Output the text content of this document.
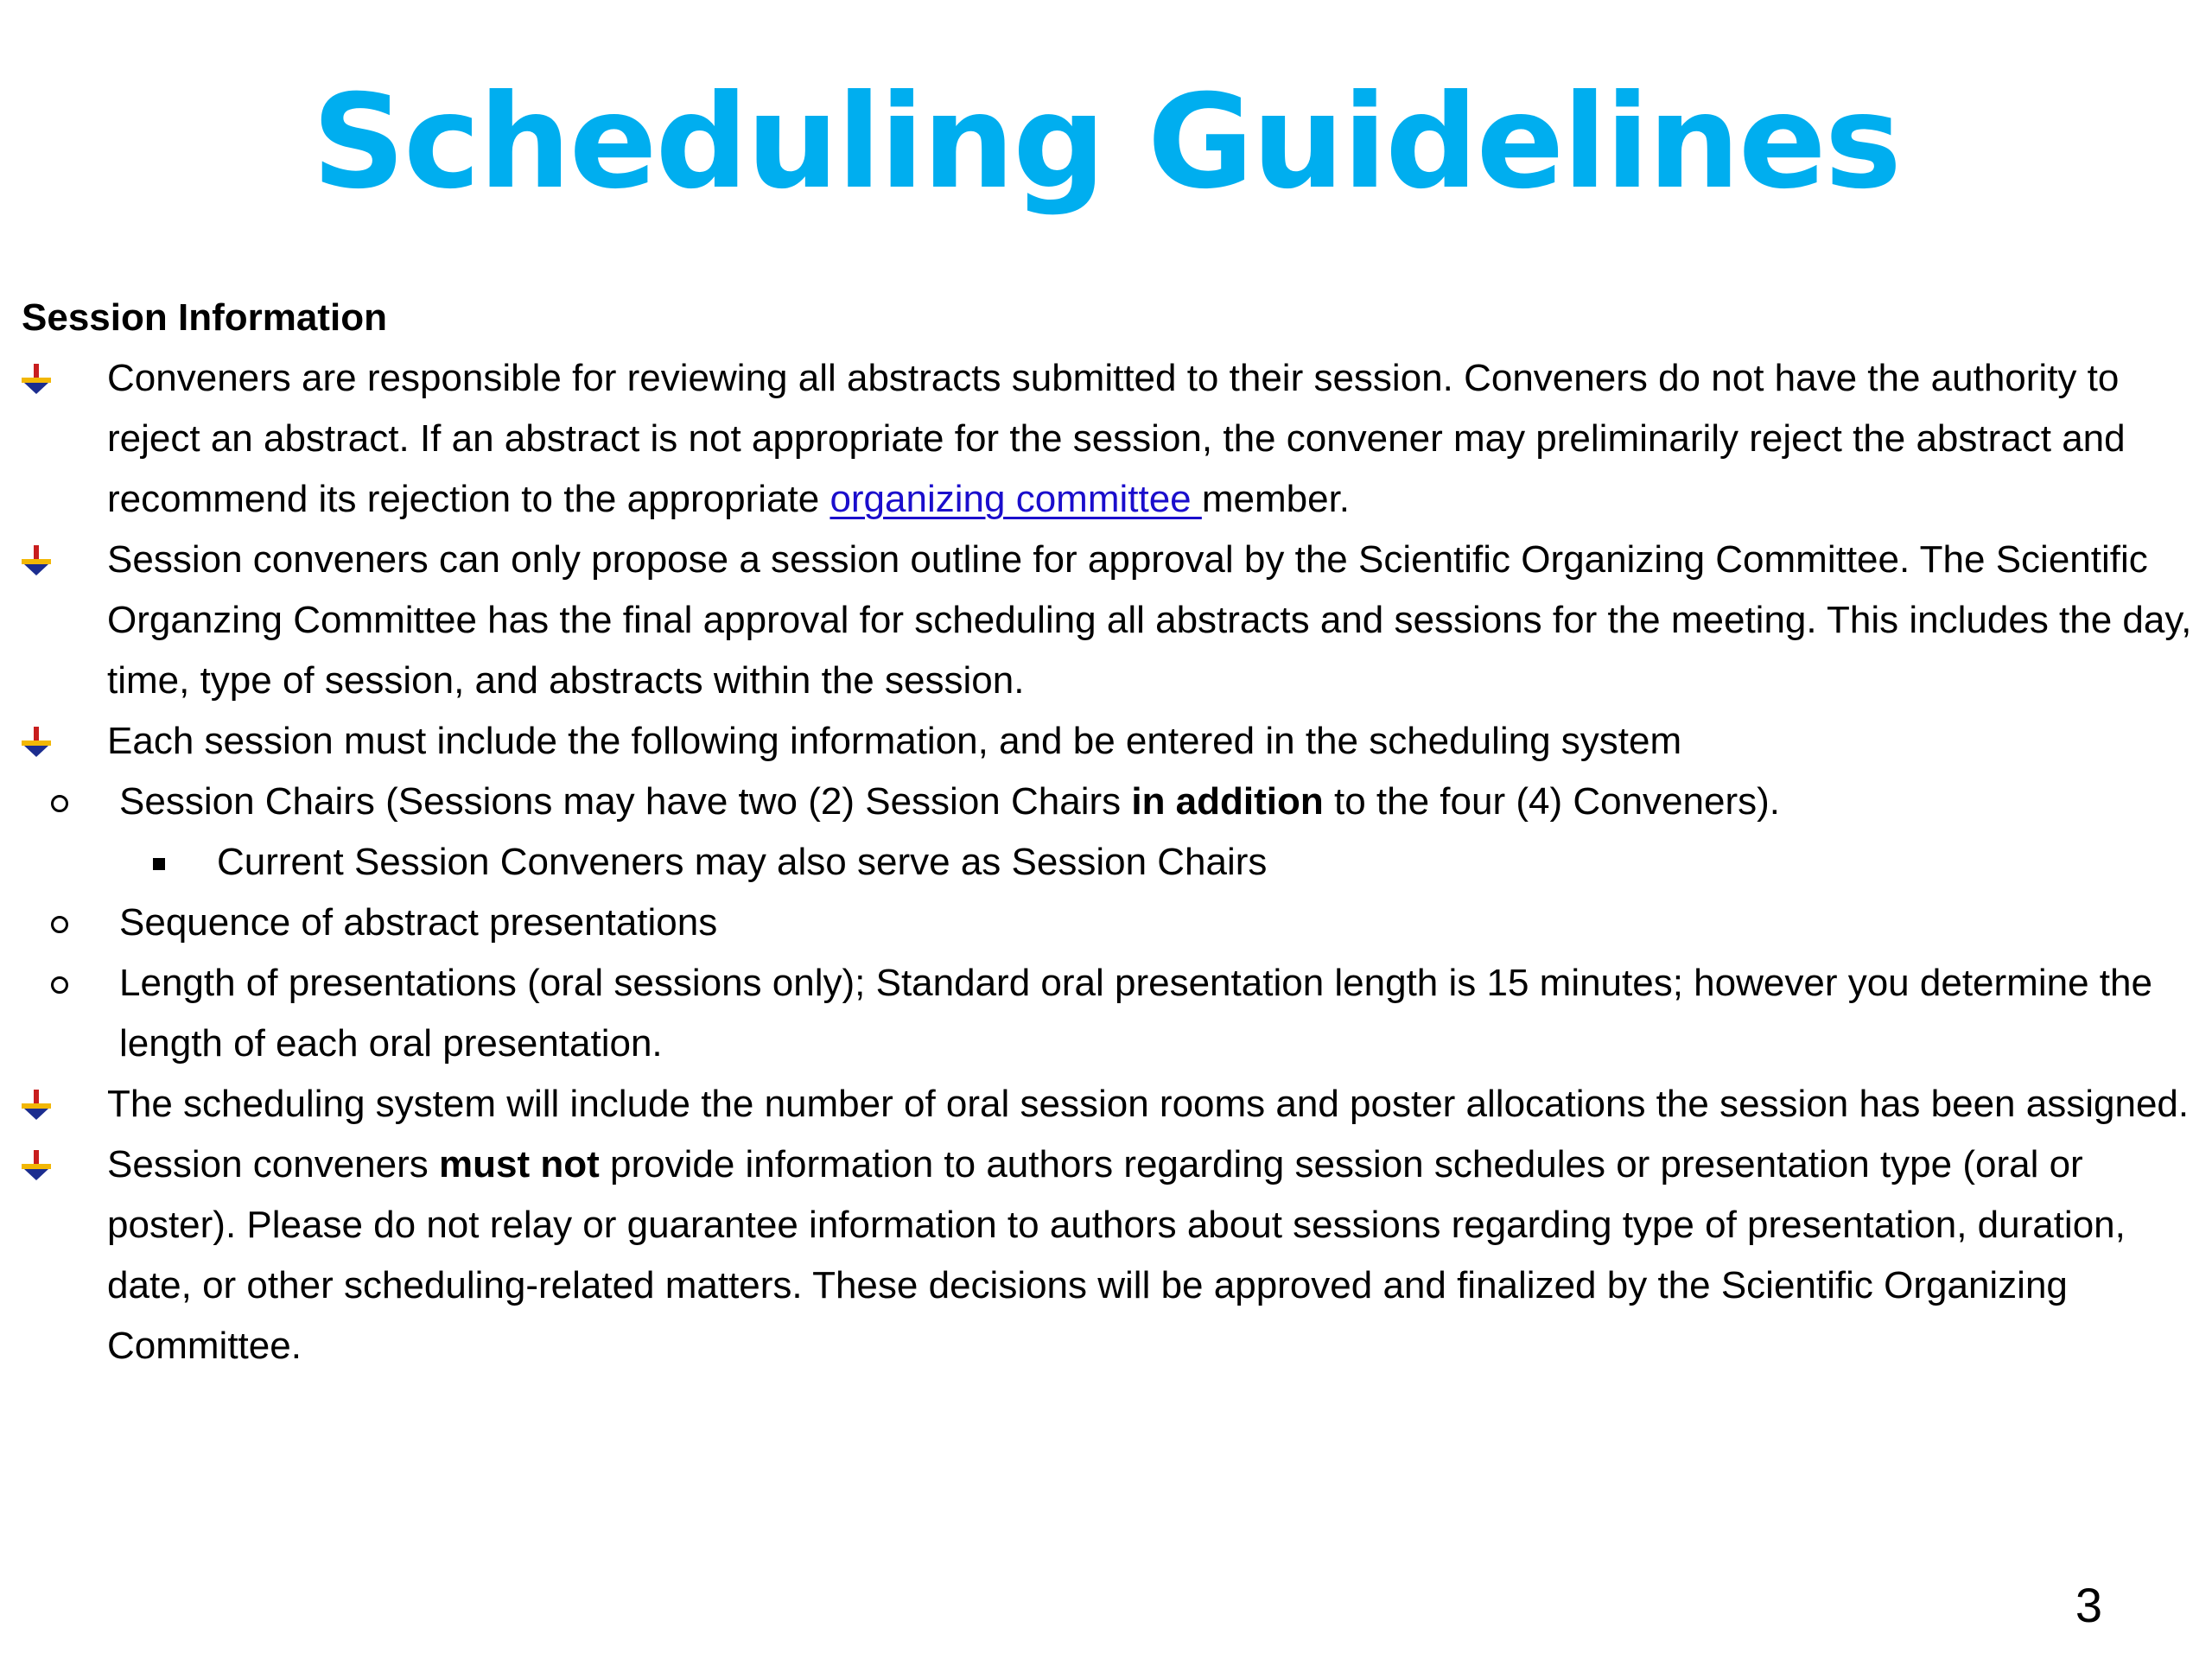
Scheduling Guidelines
Session Information
Conveners are responsible for reviewing all abstracts submitted to their session. Conveners do not have the authority to reject an abstract. If an abstract is not appropriate for the session, the convener may preliminarily reject the abstract and recommend its rejection to the appropriate organizing committee member.
Session conveners can only propose a session outline for approval by the Scientific Organizing Committee. The Scientific Organzing Committee has the final approval for scheduling all abstracts and sessions for the meeting. This includes the day, time, type of session, and abstracts within the session.
Each session must include the following information, and be entered in the scheduling system
Session Chairs (Sessions may have two (2) Session Chairs in addition to the four (4) Conveners).
Current Session Conveners may also serve as Session Chairs
Sequence of abstract presentations
Length of presentations (oral sessions only); Standard oral presentation length is 15 minutes; however you determine the length of each oral presentation.
The scheduling system will include the number of oral session rooms and poster allocations the session has been assigned.
Session conveners must not provide information to authors regarding session schedules or presentation type (oral or poster). Please do not relay or guarantee information to authors about sessions regarding type of presentation, duration, date, or other scheduling-related matters. These decisions will be approved and finalized by the Scientific Organizing Committee.
3
